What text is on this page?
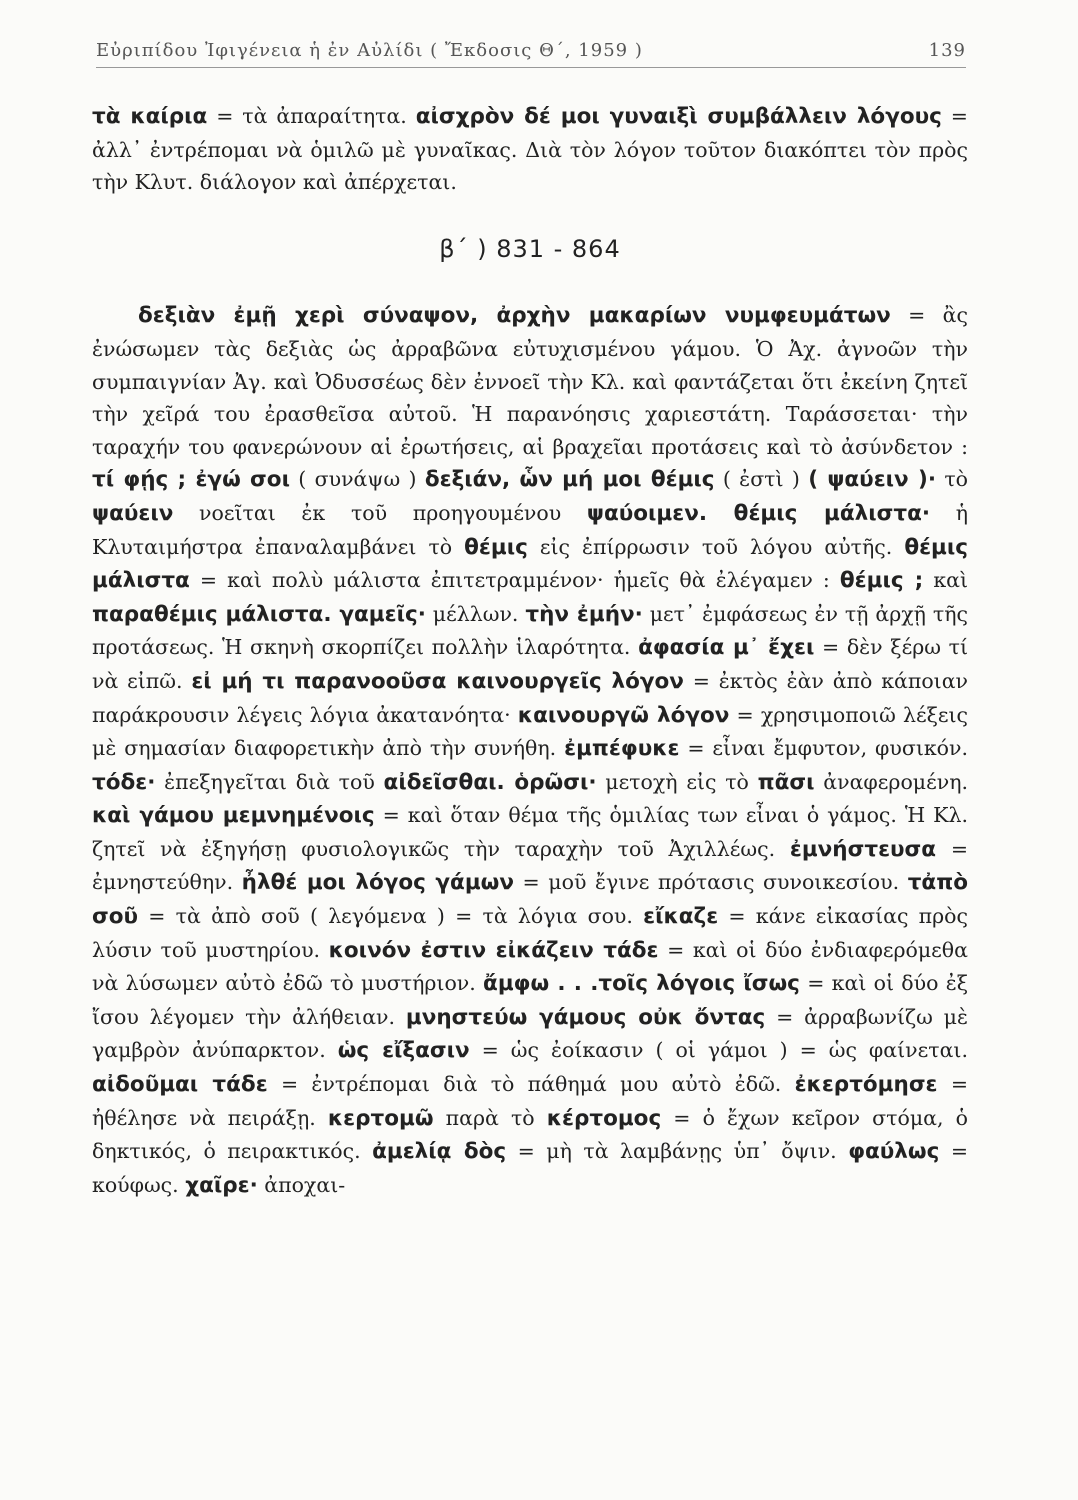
Εὐριπίδου Ἰφιγένεια ἡ ἐν Αὐλίδι ( Ἔκδοσις Θ΄, 1959 )	139

τὰ καίρια = τὰ ἀπαραίτητα. αἰσχρὸν δέ μοι γυναιξὶ συμβάλλειν λόγους = ἀλλ᾿ ἐντρέπομαι νὰ ὁμιλῶ μὲ γυναῖκας. Διὰ τὸν λόγον τοῦτον διακόπτει τὸν πρὸς τὴν Κλυτ. διάλογον καὶ ἀπέρχεται.

β΄ ) 831 - 864

δεξιὰν ἐμῇ χερὶ σύναψον, ἀρχὴν μακαρίων νυμφευμάτων = ἂς ἐνώσωμεν τὰς δεξιὰς ὡς ἀρραβῶνα εὐτυχισμένου γάμου. Ὁ Ἀχ. ἀγνοῶν τὴν συμπαιγνίαν Ἀγ. καὶ Ὀδυσσέως δὲν ἐννοεῖ τὴν Κλ. καὶ φαντάζεται ὅτι ἐκείνη ζητεῖ τὴν χεῖρά του ἐρασθεῖσα αὐτοῦ. Ἡ παρανόησις χαριεστάτη. Ταράσσεται· τὴν ταραχήν του φανερώνουν αἱ ἐρωτήσεις, αἱ βραχεῖαι προτάσεις καὶ τὸ ἀσύνδετον : τί φῄς ; ἐγώ σοι ( συνάψω ) δεξιάν, ὧν μή μοι θέμις ( ἐστὶ ) ( ψαύειν )· τὸ ψαύειν νοεῖται ἐκ τοῦ προηγουμένου ψαύοιμεν. θέμις μάλιστα· ἡ Κλυταιμήστρα ἐπαναλαμβάνει τὸ θέμις εἰς ἐπίρρωσιν τοῦ λόγου αὐτῆς. θέμις μάλιστα = καὶ πολὺ μάλιστα ἐπιτετραμμένον· ἡμεῖς θὰ ἐλέγαμεν : θέμις ; καὶ παραθέμις μάλιστα. γαμεῖς· μέλλων. τὴν ἐμήν· μετ᾿ ἐμφάσεως ἐν τῇ ἀρχῇ τῆς προτάσεως. Ἡ σκηνὴ σκορπίζει πολλὴν ἱλαρότητα. ἀφασία μ᾿ ἔχει = δὲν ξέρω τί νὰ εἰπῶ. εἰ μή τι παρανοοῦσα καινουργεῖς λόγον = ἐκτὸς ἐὰν ἀπὸ κάποιαν παράκρουσιν λέγεις λόγια ἀκατανόητα· καινουργῶ λόγον = χρησιμοποιῶ λέξεις μὲ σημασίαν διαφορετικὴν ἀπὸ τὴν συνήθη. ἐμπέφυκε = εἶναι ἔμφυτον, φυσικόν. τόδε· ἐπεξηγεῖται διὰ τοῦ αἰδεῖσθαι. ὁρῶσι· μετοχὴ εἰς τὸ πᾶσι ἀναφερομένη. καὶ γάμου μεμνημένοις = καὶ ὅταν θέμα τῆς ὁμιλίας των εἶναι ὁ γάμος. Ἡ Κλ. ζητεῖ νὰ ἐξηγήσῃ φυσιολογικῶς τὴν ταραχὴν τοῦ Ἀχιλλέως. ἐμνήστευσα = ἐμνηστεύθην. ἦλθέ μοι λόγος γάμων = μοῦ ἔγινε πρότασις συνοικεσίου. τἀπὸ σοῦ = τὰ ἀπὸ σοῦ ( λεγόμενα ) = τὰ λόγια σου. εἴκαζε = κάνε εἰκασίας πρὸς λύσιν τοῦ μυστηρίου. κοινόν ἐστιν εἰκάζειν τάδε = καὶ οἱ δύο ἐνδιαφερόμεθα νὰ λύσωμεν αὐτὸ ἐδῶ τὸ μυστήριον. ἄμφω . . .τοῖς λόγοις ἴσως = καὶ οἱ δύο ἐξ ἴσου λέγομεν τὴν ἀλήθειαν. μνηστεύω γάμους οὐκ ὄντας = ἀρραβωνίζω μὲ γαμβρὸν ἀνύπαρκτον. ὡς εἴξασιν = ὡς ἐοίκασιν ( οἱ γάμοι ) = ὡς φαίνεται. αἰδοῦμαι τάδε = ἐντρέπομαι διὰ τὸ πάθημά μου αὐτὸ ἐδῶ. ἐκερτόμησε = ἠθέλησε νὰ πειράξῃ. κερτομῶ παρὰ τὸ κέρτομος = ὁ ἔχων κεῖρον στόμα, ὁ δηκτικός, ὁ πειρακτικός. ἀμελίᾳ δὸς = μὴ τὰ λαμβάνῃς ὑπ᾿ ὄψιν. φαύλως = κούφως. χαῖρε· ἀποχαι-
